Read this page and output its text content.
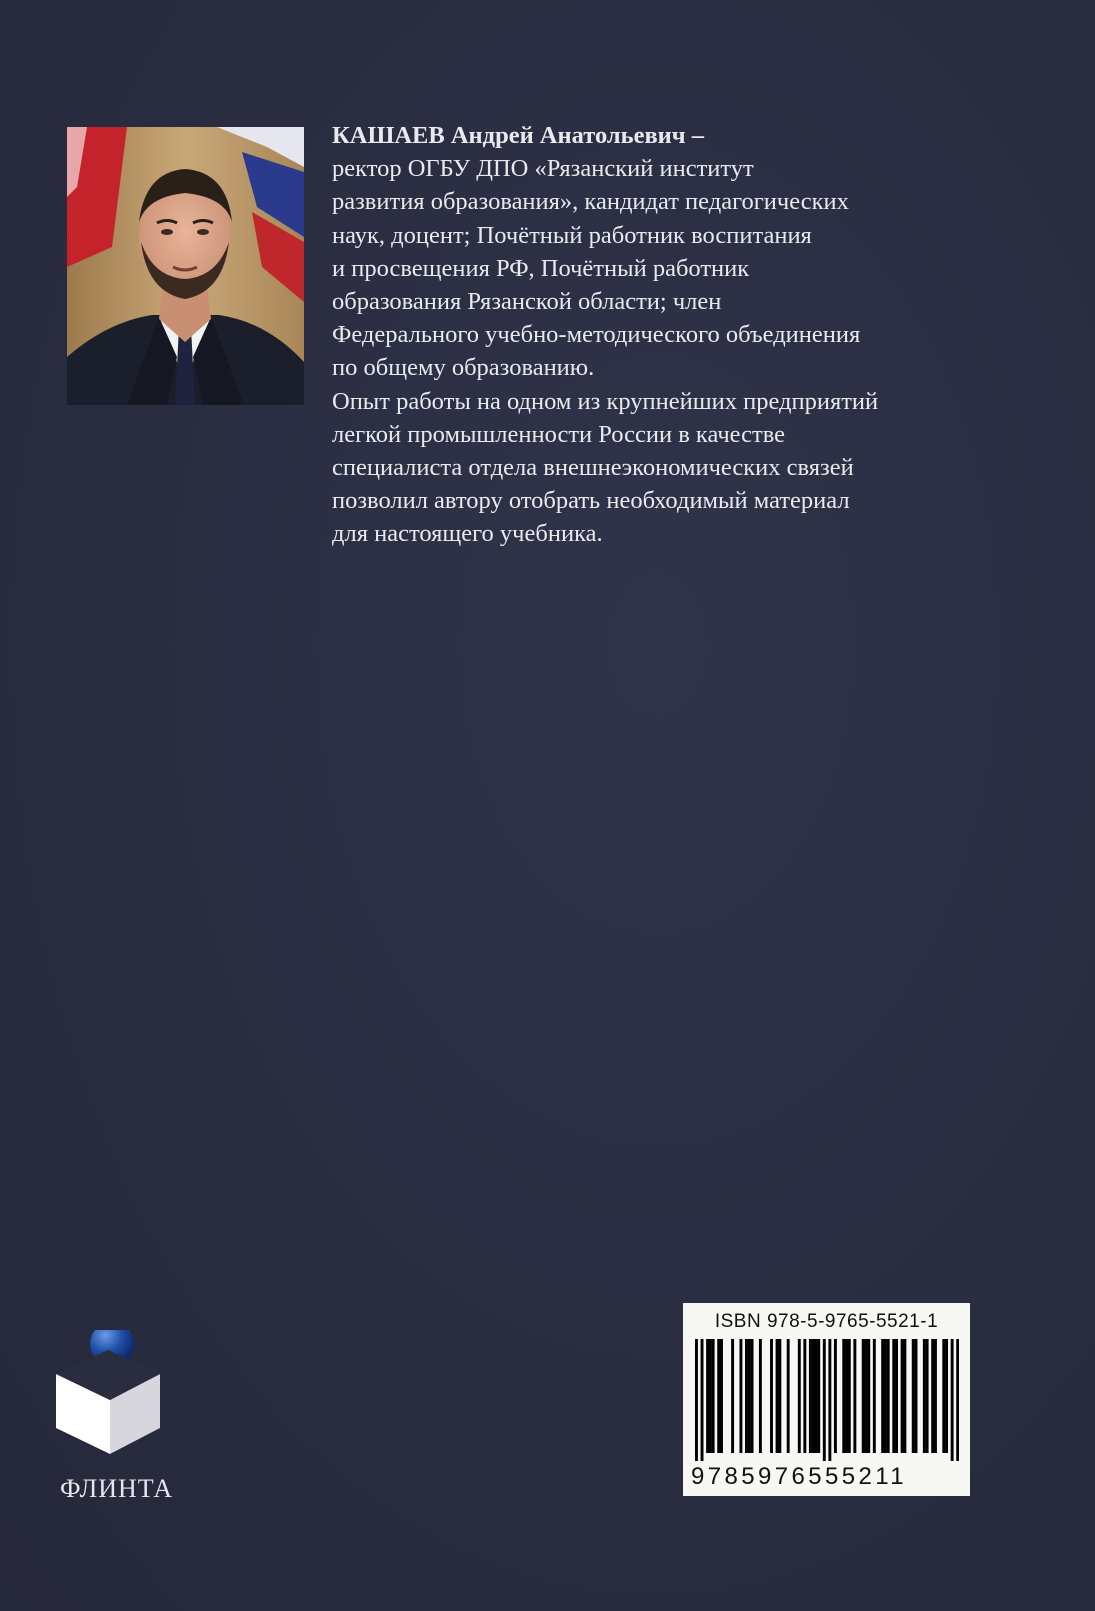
КАШАЕВ Андрей Анатольевич –
ректор ОГБУ ДПО «Рязанский институт
развития образования», кандидат педагогических
наук, доцент; Почётный работник воспитания
и просвещения РФ, Почётный работник
образования Рязанской области; член
Федерального учебно-методического объединения
по общему образованию.
Опыт работы на одном из крупнейших предприятий
легкой промышленности России в качестве
специалиста отдела внешнеэкономических связей
позволил автору отобрать необходимый материал
для настоящего учебника.
ФЛИНТА
ISBN 978-5-9765-5521-1
9785976555211
